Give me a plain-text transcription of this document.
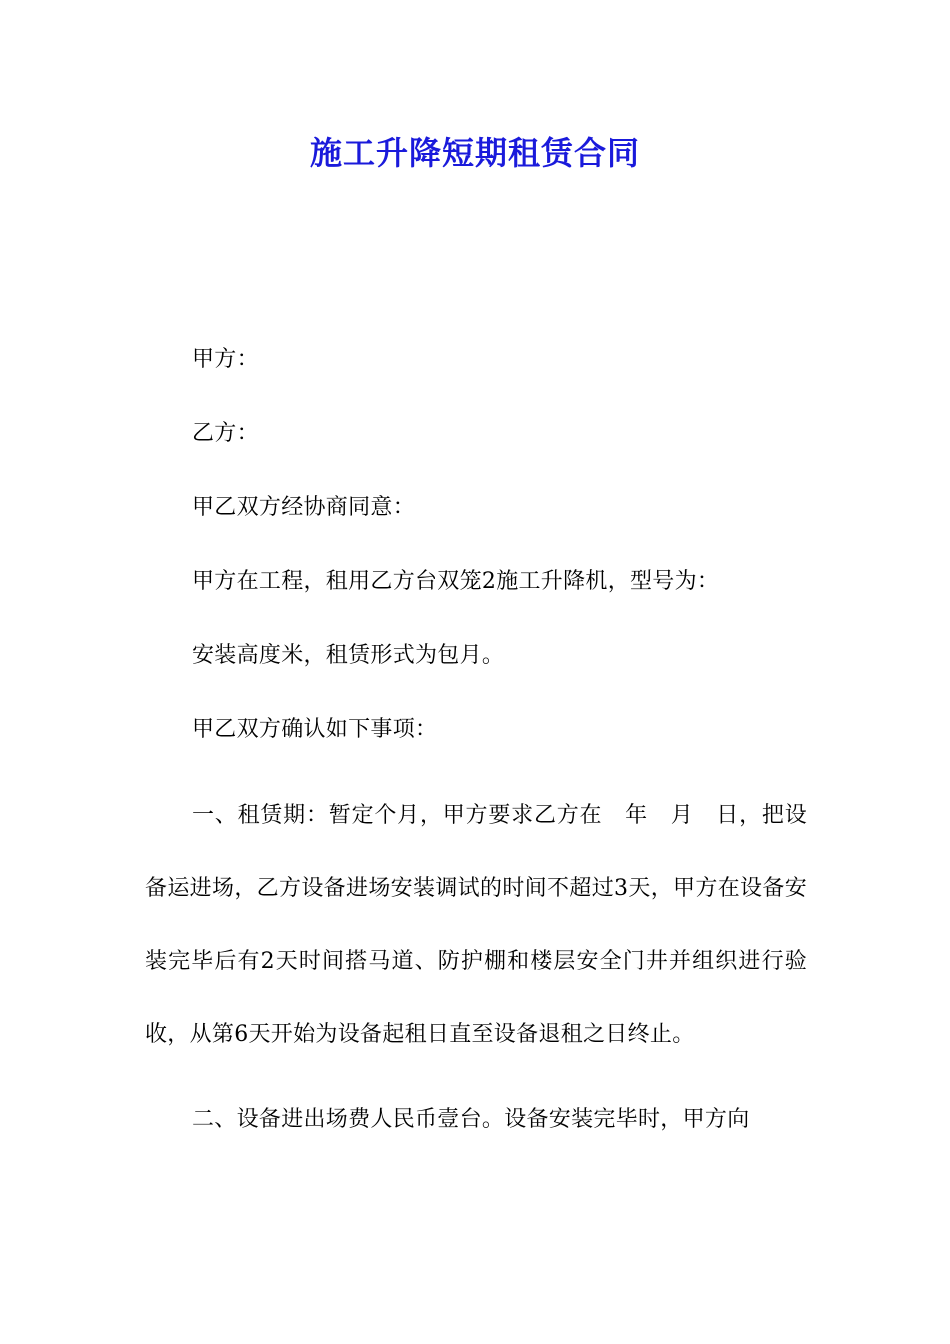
施工升降短期租赁合同

甲方：

乙方：

甲乙双方经协商同意：

甲方在工程，租用乙方台双笼2施工升降机，型号为：

安装高度米，租赁形式为包月。

甲乙双方确认如下事项：

一、租赁期：暂定个月，甲方要求乙方在　年　月　日，把设备运进场，乙方设备进场安装调试的时间不超过3天，甲方在设备安装完毕后有2天时间搭马道、防护棚和楼层安全门井并组织进行验收，从第6天开始为设备起租日直至设备退租之日终止。

二、设备进出场费人民币壹台。设备安装完毕时，甲方向
